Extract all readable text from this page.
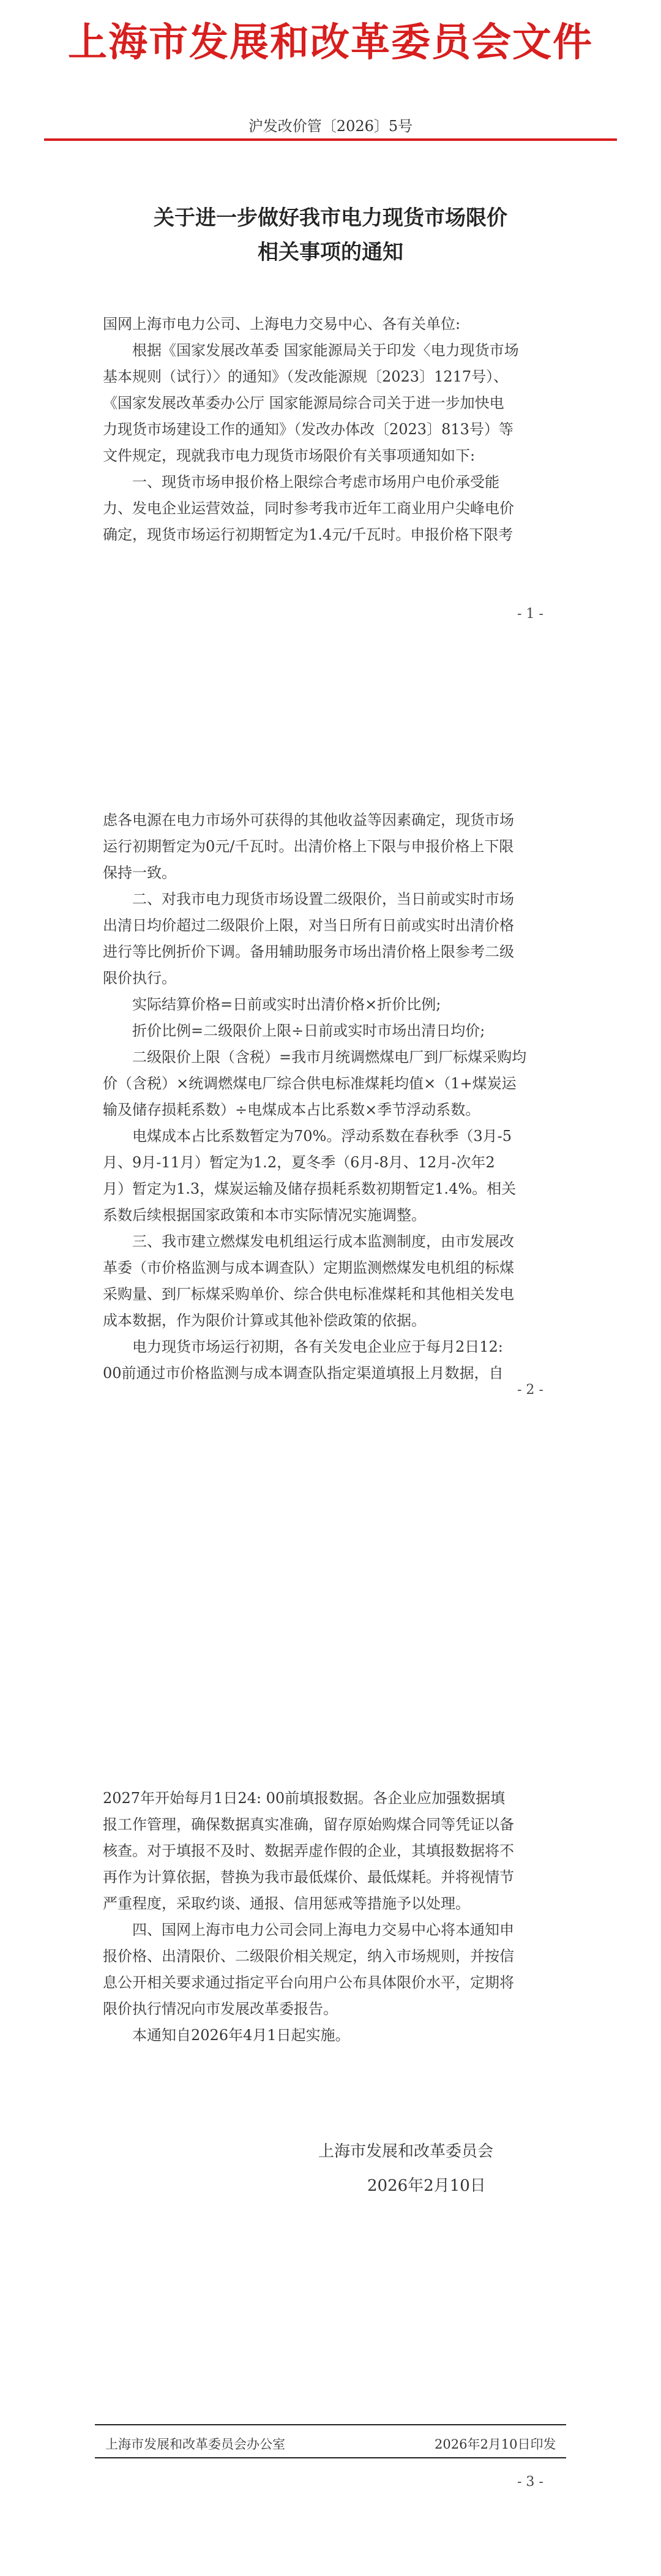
上海市发展和改革委员会文件
沪发改价管〔2026〕5号
关于进一步做好我市电力现货市场限价
相关事项的通知
国网上海市电力公司、上海电力交易中心、各有关单位:
　　根据《国家发展改革委 国家能源局关于印发〈电力现货市场
基本规则（试行）〉的通知》（发改能源规〔2023〕1217号）、
《国家发展改革委办公厅 国家能源局综合司关于进一步加快电
力现货市场建设工作的通知》（发改办体改〔2023〕813号）等
文件规定，现就我市电力现货市场限价有关事项通知如下:
　　一、现货市场申报价格上限综合考虑市场用户电价承受能
力、发电企业运营效益，同时参考我市近年工商业用户尖峰电价
确定，现货市场运行初期暂定为1.4元/千瓦时。申报价格下限考
- 1 -
虑各电源在电力市场外可获得的其他收益等因素确定，现货市场
运行初期暂定为0元/千瓦时。出清价格上下限与申报价格上下限
保持一致。
　　二、对我市电力现货市场设置二级限价，当日前或实时市场
出清日均价超过二级限价上限，对当日所有日前或实时出清价格
进行等比例折价下调。备用辅助服务市场出清价格上限参考二级
限价执行。
　　实际结算价格=日前或实时出清价格×折价比例;
　　折价比例=二级限价上限÷日前或实时市场出清日均价;
　　二级限价上限（含税）=我市月统调燃煤电厂到厂标煤采购均
价（含税）×统调燃煤电厂综合供电标准煤耗均值×（1+煤炭运
输及储存损耗系数）÷电煤成本占比系数×季节浮动系数。
　　电煤成本占比系数暂定为70%。浮动系数在春秋季（3月-5
月、9月-11月）暂定为1.2，夏冬季（6月-8月、12月-次年2
月）暂定为1.3，煤炭运输及储存损耗系数初期暂定1.4%。相关
系数后续根据国家政策和本市实际情况实施调整。
　　三、我市建立燃煤发电机组运行成本监测制度，由市发展改
革委（市价格监测与成本调查队）定期监测燃煤发电机组的标煤
采购量、到厂标煤采购单价、综合供电标准煤耗和其他相关发电
成本数据，作为限价计算或其他补偿政策的依据。
　　电力现货市场运行初期，各有关发电企业应于每月2日12:
00前通过市价格监测与成本调查队指定渠道填报上月数据，自
- 2 -
2027年开始每月1日24: 00前填报数据。各企业应加强数据填
报工作管理，确保数据真实准确，留存原始购煤合同等凭证以备
核查。对于填报不及时、数据弄虚作假的企业，其填报数据将不
再作为计算依据，替换为我市最低煤价、最低煤耗。并将视情节
严重程度，采取约谈、通报、信用惩戒等措施予以处理。
　　四、国网上海市电力公司会同上海电力交易中心将本通知申
报价格、出清限价、二级限价相关规定，纳入市场规则，并按信
息公开相关要求通过指定平台向用户公布具体限价水平，定期将
限价执行情况向市发展改革委报告。
　　本通知自2026年4月1日起实施。
上海市发展和改革委员会
2026年2月10日
上海市发展和改革委员会办公室	2026年2月10日印发
- 3 -
